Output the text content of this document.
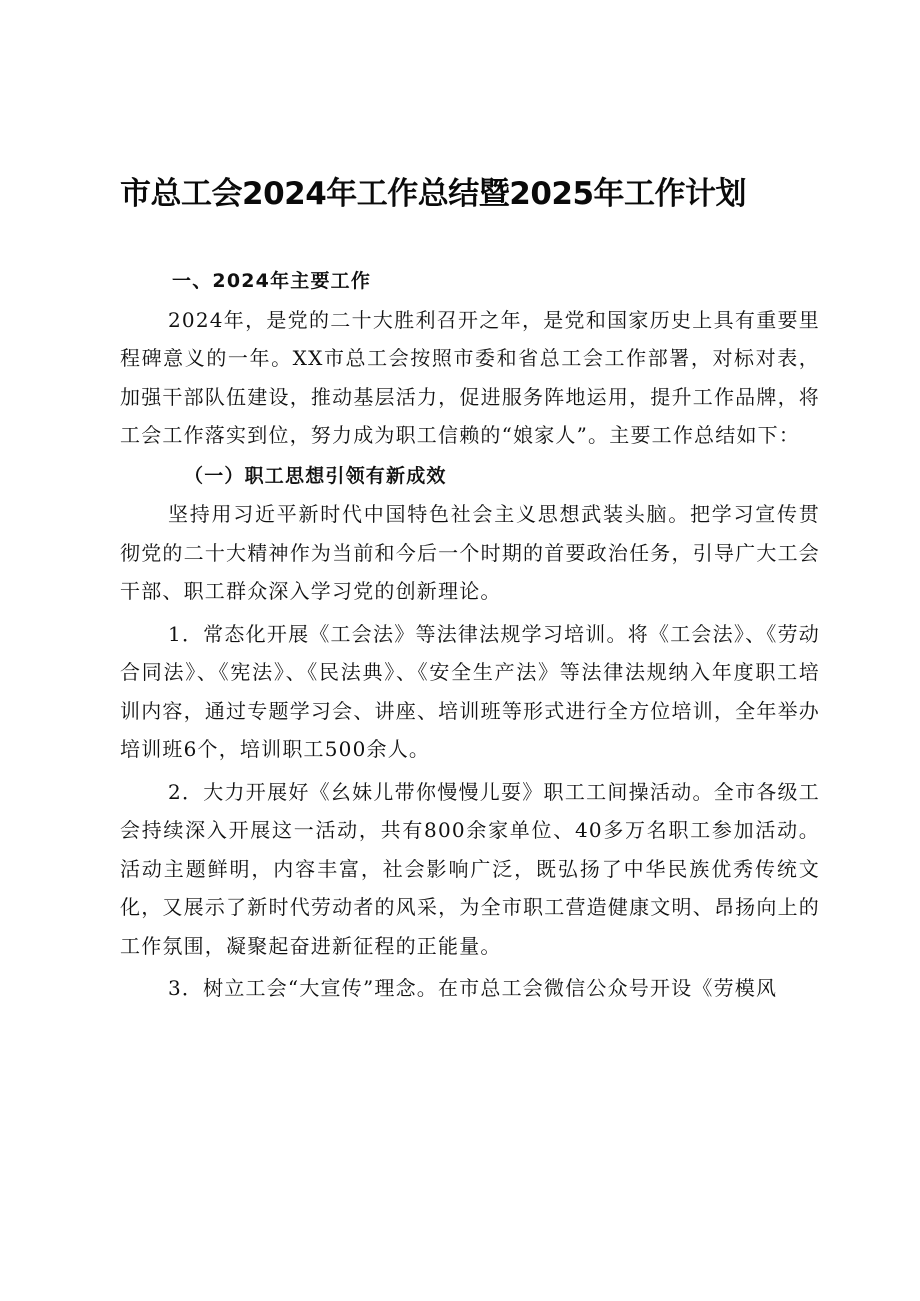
市总工会2024年工作总结暨2025年工作计划

一、2024年主要工作

2024年，是党的二十大胜利召开之年，是党和国家历史上具有重要里程碑意义的一年。XX市总工会按照市委和省总工会工作部署，对标对表，加强干部队伍建设，推动基层活力，促进服务阵地运用，提升工作品牌，将工会工作落实到位，努力成为职工信赖的“娘家人”。主要工作总结如下：

（一）职工思想引领有新成效

坚持用习近平新时代中国特色社会主义思想武装头脑。把学习宣传贯彻党的二十大精神作为当前和今后一个时期的首要政治任务，引导广大工会干部、职工群众深入学习党的创新理论。

1．常态化开展《工会法》等法律法规学习培训。将《工会法》、《劳动合同法》、《宪法》、《民法典》、《安全生产法》等法律法规纳入年度职工培训内容，通过专题学习会、讲座、培训班等形式进行全方位培训，全年举办培训班6个，培训职工500余人。

2．大力开展好《幺妹儿带你慢慢儿耍》职工工间操活动。全市各级工会持续深入开展这一活动，共有800余家单位、40多万名职工参加活动。活动主题鲜明，内容丰富，社会影响广泛，既弘扬了中华民族优秀传统文化，又展示了新时代劳动者的风采，为全市职工营造健康文明、昂扬向上的工作氛围，凝聚起奋进新征程的正能量。

3．树立工会“大宣传”理念。在市总工会微信公众号开设《劳模风
